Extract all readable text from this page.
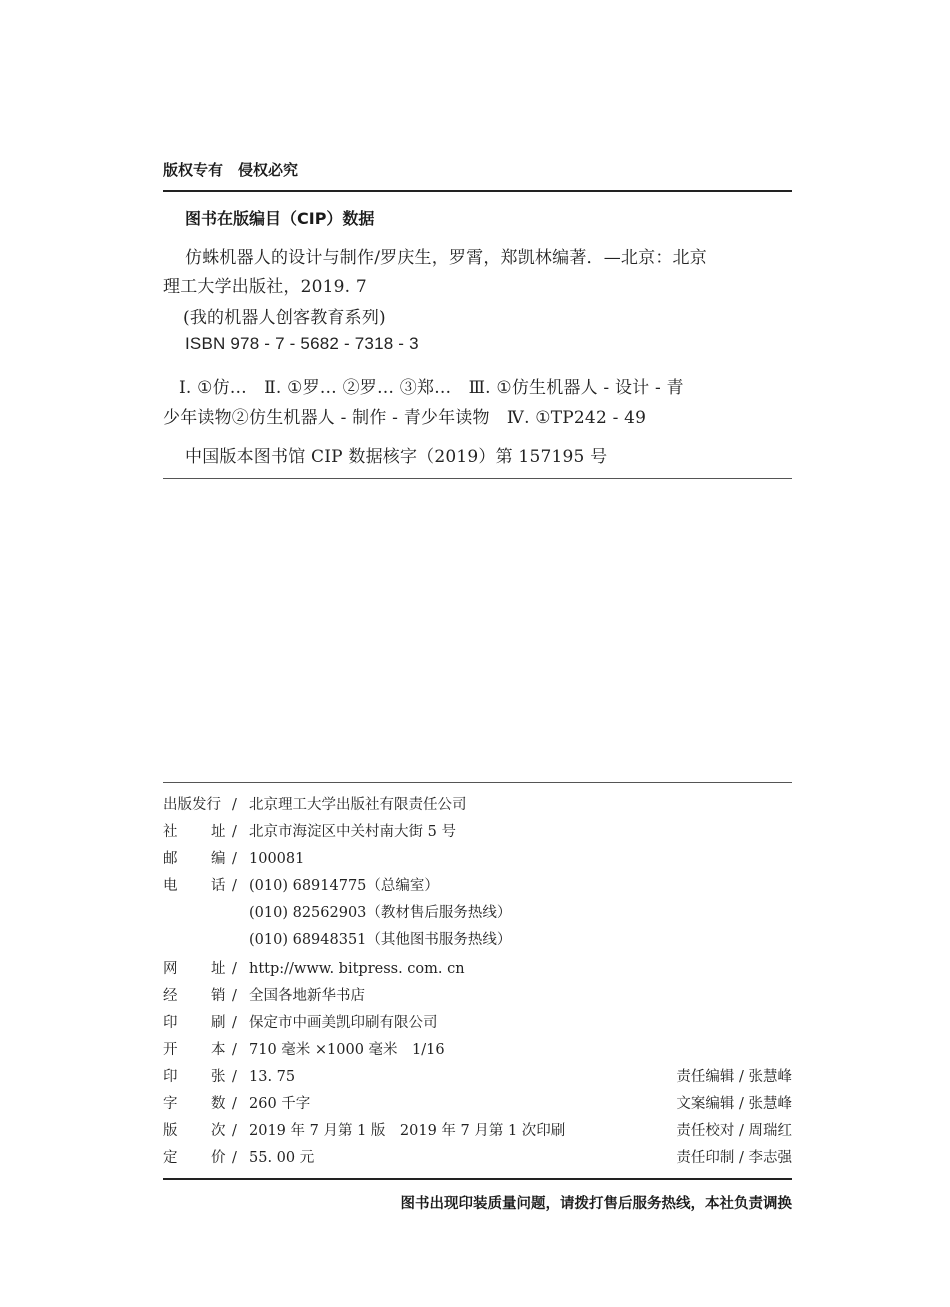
版权专有　侵权必究
图书在版编目（CIP）数据
仿蛛机器人的设计与制作/罗庆生，罗霄，郑凯林编著．—北京：北京
理工大学出版社，2019. 7
(我的机器人创客教育系列)
ISBN 978 - 7 - 5682 - 7318 - 3
Ⅰ. ①仿…　Ⅱ. ①罗… ②罗… ③郑…　Ⅲ. ①仿生机器人 - 设计 - 青
少年读物②仿生机器人 - 制作 - 青少年读物　Ⅳ. ①TP242 - 49
中国版本图书馆 CIP 数据核字（2019）第 157195 号
出版发行 / 北京理工大学出版社有限责任公司
社 址 / 北京市海淀区中关村南大街 5 号
邮 编 / 100081
电 话 / (010) 68914775（总编室）
(010) 82562903（教材售后服务热线）
(010) 68948351（其他图书服务热线）
网 址 / http://www. bitpress. com. cn
经 销 / 全国各地新华书店
印 刷 / 保定市中画美凯印刷有限公司
开 本 / 710 毫米 ×1000 毫米　1/16
印 张 / 13. 75	责任编辑 / 张慧峰
字 数 / 260 千字	文案编辑 / 张慧峰
版 次 / 2019 年 7 月第 1 版　2019 年 7 月第 1 次印刷	责任校对 / 周瑞红
定 价 / 55. 00 元	责任印制 / 李志强
图书出现印装质量问题，请拨打售后服务热线，本社负责调换
